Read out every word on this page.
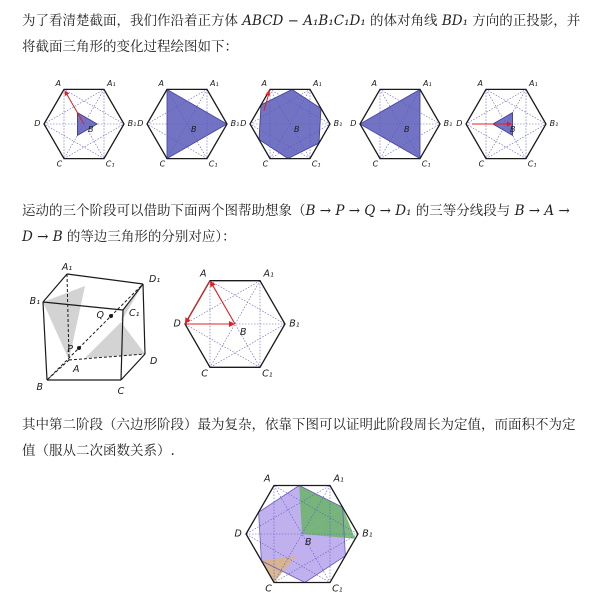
为了看清楚截面，我们作沿着正方体 ABCD − A₁B₁C₁D₁ 的体对角线 BD₁ 方向的正投影，并将截面三角形的变化过程绘图如下：
A	A₁
B₁
C₁
C
D
B
A	A₁
B₁
C₁
C
D
B
A	A₁
B₁
C₁
C
D
B
A	A₁
B₁
C₁
C
D
B
A	A₁
B₁
C₁
C
D
B
运动的三个阶段可以借助下面两个图帮助想象（B → P → Q → D₁ 的三等分线段与 B → A → D → B 的等边三角形的分别对应）：
A₁
D₁
B₁
C₁
A
D
B	C
P
Q
A	A₁
B₁
C₁
C
D
B
其中第二阶段（六边形阶段）最为复杂，依靠下图可以证明此阶段周长为定值，而面积不为定值（服从二次函数关系）.
A	A₁
B₁
C₁
C
D
B
